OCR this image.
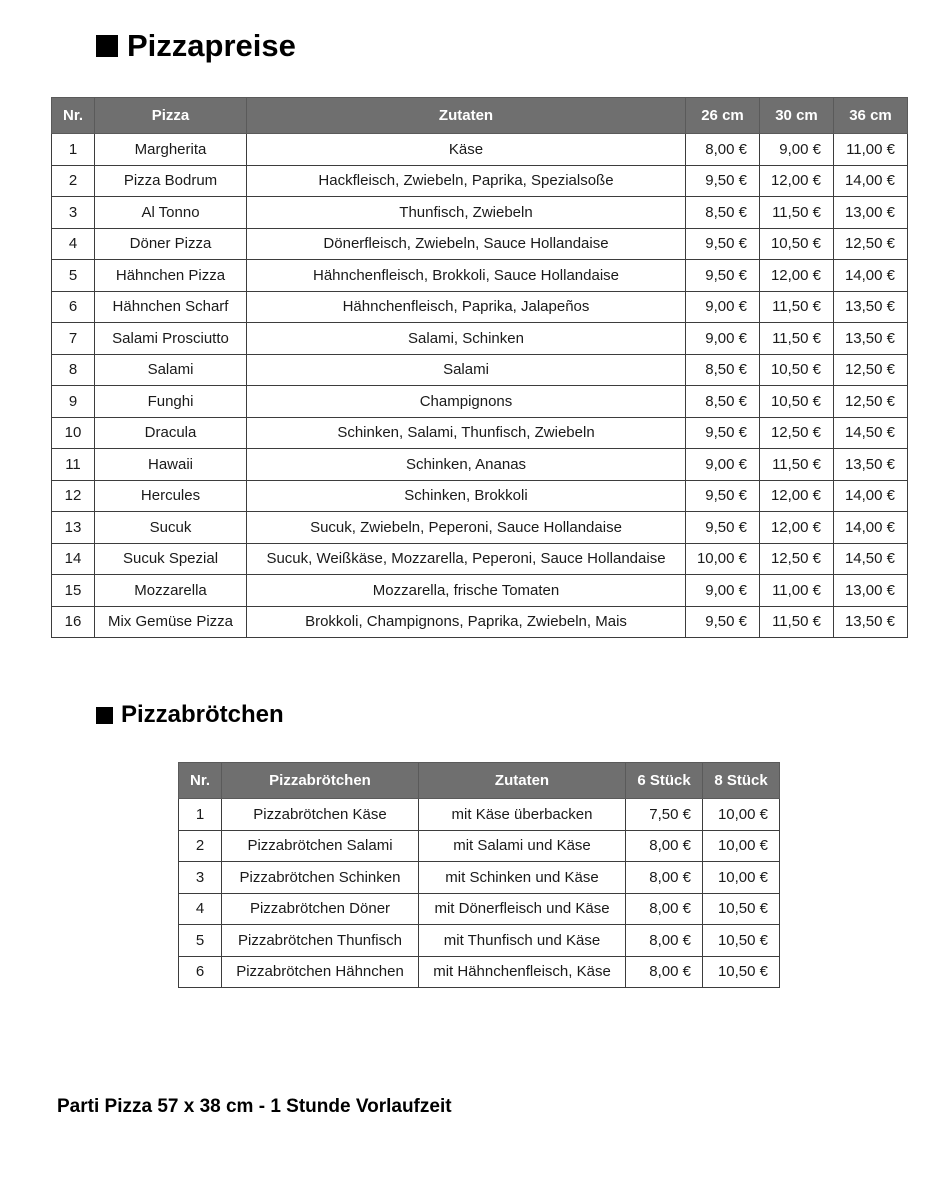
Pizzapreise
Nr.	Pizza	Zutaten	26 cm	30 cm	36 cm
1	Margherita	Käse	8,00 €	9,00 €	11,00 €
2	Pizza Bodrum	Hackfleisch, Zwiebeln, Paprika, Spezialsoße	9,50 €	12,00 €	14,00 €
3	Al Tonno	Thunfisch, Zwiebeln	8,50 €	11,50 €	13,00 €
4	Döner Pizza	Dönerfleisch, Zwiebeln, Sauce Hollandaise	9,50 €	10,50 €	12,50 €
5	Hähnchen Pizza	Hähnchenfleisch, Brokkoli, Sauce Hollandaise	9,50 €	12,00 €	14,00 €
6	Hähnchen Scharf	Hähnchenfleisch, Paprika, Jalapeños	9,00 €	11,50 €	13,50 €
7	Salami Prosciutto	Salami, Schinken	9,00 €	11,50 €	13,50 €
8	Salami	Salami	8,50 €	10,50 €	12,50 €
9	Funghi	Champignons	8,50 €	10,50 €	12,50 €
10	Dracula	Schinken, Salami, Thunfisch, Zwiebeln	9,50 €	12,50 €	14,50 €
11	Hawaii	Schinken, Ananas	9,00 €	11,50 €	13,50 €
12	Hercules	Schinken, Brokkoli	9,50 €	12,00 €	14,00 €
13	Sucuk	Sucuk, Zwiebeln, Peperoni, Sauce Hollandaise	9,50 €	12,00 €	14,00 €
14	Sucuk Spezial	Sucuk, Weißkäse, Mozzarella, Peperoni, Sauce Hollandaise	10,00 €	12,50 €	14,50 €
15	Mozzarella	Mozzarella, frische Tomaten	9,00 €	11,00 €	13,00 €
16	Mix Gemüse Pizza	Brokkoli, Champignons, Paprika, Zwiebeln, Mais	9,50 €	11,50 €	13,50 €
Pizzabrötchen
Nr.	Pizzabrötchen	Zutaten	6 Stück	8 Stück
1	Pizzabrötchen Käse	mit Käse überbacken	7,50 €	10,00 €
2	Pizzabrötchen Salami	mit Salami und Käse	8,00 €	10,00 €
3	Pizzabrötchen Schinken	mit Schinken und Käse	8,00 €	10,00 €
4	Pizzabrötchen Döner	mit Dönerfleisch und Käse	8,00 €	10,50 €
5	Pizzabrötchen Thunfisch	mit Thunfisch und Käse	8,00 €	10,50 €
6	Pizzabrötchen Hähnchen	mit Hähnchenfleisch, Käse	8,00 €	10,50 €

Parti Pizza 57 x 38 cm - 1 Stunde Vorlaufzeit
